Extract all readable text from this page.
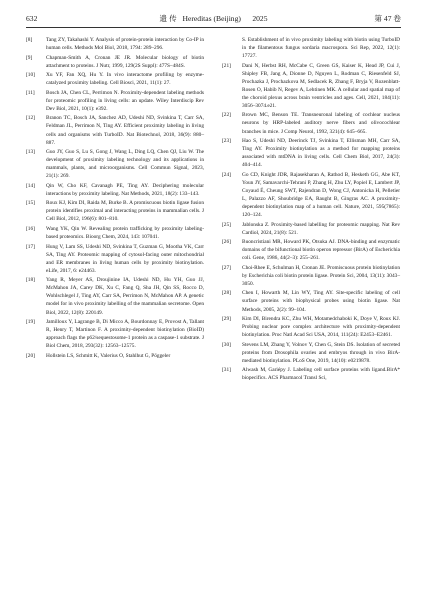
632	遗 传 Hereditas (Beijing) 2025	第 47 卷
[8]	Tang ZY, Takahashi Y. Analysis of protein-protein interaction by Co-IP in human cells. Methods Mol Biol, 2018, 1794: 289–296.
[9]	Chapman-Smith A, Cronan JE JR. Molecular biology of biotin attachment to proteins. J Nutr, 1999, 129(2S Suppl): 477S–484S.
[10] Xu YF, Fan XQ, Hu Y. In vivo interactome profiling by enzyme-catalyzed proximity labeling. Cell Biosci, 2021, 11(1): 27.
[11] Bosch JA, Chen CL, Perrimon N. Proximity-dependent labeling methods for proteomic profiling in living cells: an update. Wiley Interdiscip Rev Dev Biol, 2021, 10(1): e392.
[12] Branon TC, Bosch JA, Sanchez AD, Udeshi ND, Svinkina T, Carr SA, Feldman JL, Perrimon N, Ting AY. Efficient proximity labeling in living cells and organisms with TurboID. Nat Biotechnol, 2018, 36(9): 880–887.
[13] Guo JY, Guo S, Lu S, Gong J, Wang L, Ding LQ, Chen QJ, Liu W. The development of proximity labeling technology and its applications in mammals, plants, and microorganisms. Cell Commun Signal, 2023, 21(1): 269.
[14] Qin W, Cho KF, Cavanagh PE, Ting AY. Deciphering molecular interactions by proximity labeling. Nat Methods, 2021, 18(2): 133–143.
[15] Roux KJ, Kim DI, Raida M, Burke B. A promiscuous biotin ligase fusion protein identifies proximal and interacting proteins in mammalian cells. J Cell Biol, 2012, 196(6): 801–810.
[16] Wang YK, Qin W. Revealing protein trafficking by proximity labeling-based proteomics. Bioorg Chem, 2024, 143: 107041.
[17] Hung V, Lam SS, Udeshi ND, Svinkina T, Guzman G, Mootha VK, Carr SA, Ting AY. Proteomic mapping of cytosol-facing outer mitochondrial and ER membranes in living human cells by proximity biotinylation. eLife, 2017, 6: e24463.
[18] Yang R, Meyer AS, Droujinine IA, Udeshi ND, Hu YH, Guo JJ, McMahon JA, Carey DK, Xu C, Fang Q, Sha JH, Qin SS, Rocco D, Wohlschlegel J, Ting AY, Carr SA, Perrimon N, McMahon AP. A genetic model for in vivo proximity labelling of the mammalian secretome. Open Biol, 2022, 12(8): 220149.
[19] Jamilloux Y, Lagrange B, Di Micco A, Bourdonnay E, Provost A, Tallant R, Henry T, Martinon F. A proximity-dependent biotinylation (BioID) approach flags the p62/sequestosome-1 protein as a caspase-1 substrate. J Biol Chem, 2018, 293(32): 12563–12575.
[20] Hollstein LS, Schmitt K, Valerius O, Stahlhut G, Pöggeler
S. Establishment of in vivo proximity labeling with biotin using TurboID in the filamentous fungus sordaria macrospora. Sci Rep, 2022, 12(1): 17727.
[21] Dani N, Herbst RH, McCabe C, Green GS, Kaiser K, Head JP, Cui J, Shipley FB, Jang A, Dionne D, Nguyen L, Rodman C, Riesenfeld SJ, Prochazka J, Prochazkova M, Sedlacek R, Zhang F, Bryja V, Rozenblatt-Rosen O, Habib N, Regev A, Lehtinen MK. A cellular and spatial map of the choroid plexus across brain ventricles and ages. Cell, 2021, 184(11): 3056–3074.e21.
[22] Brown MC, Benson TE. Transneuronal labeling of cochlear nucleus neurons by HRP-labeled auditory nerve fibers and olivocochlear branches in mice. J Comp Neurol, 1992, 321(4): 645–665.
[23] Hao S, Udeshi ND, Deerinck TJ, Svinkina T, Ellisman MH, Carr SA, Ting AY. Proximity biotinylation as a method for mapping proteins associated with mtDNA in living cells. Cell Chem Biol, 2017, 24(3): 404–414.
[24] Go CD, Knight JDR, Rajasekharan A, Rathod B, Hesketh GG, Abe KT, Youn JY, Samavarchi-Tehrani P, Zhang H, Zhu LY, Popiel E, Lambert JP, Coyaud É, Cheung SWT, Rajendran D, Wong CJ, Antonicka H, Pelletier L, Palazzo AF, Shoubridge EA, Raught B, Gingras AC. A proximity-dependent biotinylation map of a human cell. Nature, 2021, 595(7865): 120–124.
[25] Jablonska Z. Proximity-based labelling for proteomic mapping. Nat Rev Cardiol, 2024, 21(8): 521.
[26] Buoncristiani MR, Howard PK, Otsuka AJ. DNA-binding and enzymatic domains of the bifunctional biotin operon repressor (BirA) of Escherichia coli. Gene, 1986, 44(2–3): 255–261.
[27] Choi-Rhee E, Schulman H, Cronan JE. Promiscuous protein biotinylation by Escherichia coli biotin protein ligase. Protein Sci, 2004, 13(11): 3043–3050.
[28] Chen I, Howarth M, Lin WY, Ting AY. Site-specific labeling of cell surface proteins with biophysical probes using biotin ligase. Nat Methods, 2005, 2(2): 99–104.
[29] Kim DI, Birendra KC, Zhu WH, Motamedchaboki K, Doye V, Roux KJ. Probing nuclear pore complex architecture with proximity-dependent biotinylation. Proc Natl Acad Sci USA, 2014, 111(24): E2453–E2461.
[30] Stevens LM, Zhang Y, Volnov Y, Chen G, Stein DS. Isolation of secreted proteins from Drosophila ovaries and embryos through in vivo BirA-mediated biotinylation. PLoS One, 2019, 14(10): e0219878.
[31] Alwash M, Gariépy J. Labeling cell surface proteins with ligand.BirA* biopecifics. ACS Pharmacol Transl Sci,
